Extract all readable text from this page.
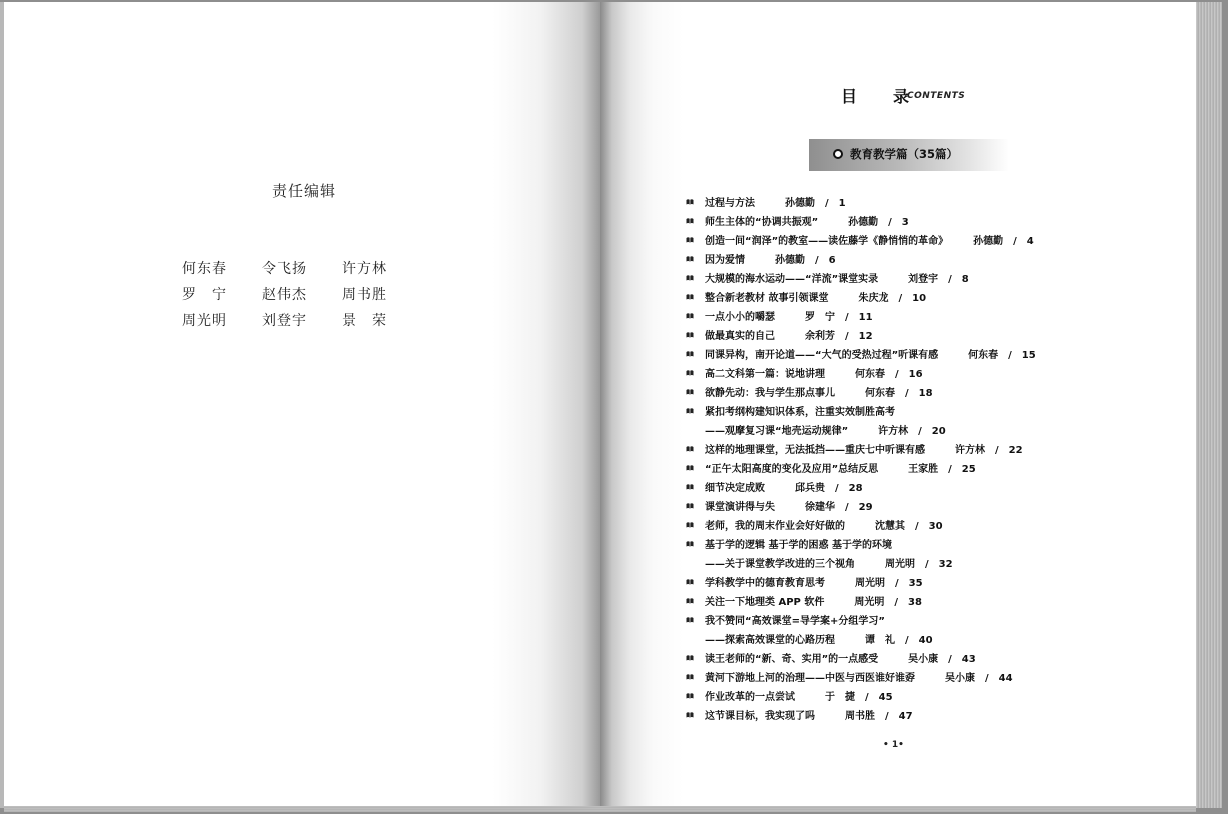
责任编辑
何东春	令飞扬	许方林
罗　宁	赵伟杰	周书胜
周光明	刘登宇	景　荣
目　录
CONTENTS
教育教学篇（35篇）
过程与方法　　　孙德勤　/　1
师生主体的“协调共振观”　　　孙德勤　/　3
创造一间“润泽”的教室——读佐藤学《静悄悄的革命》　　　孙德勤　/　4
因为爱情　　　孙德勤　/　6
大规模的海水运动——“洋流”课堂实录　　　刘登宇　/　8
整合新老教材 故事引领课堂　　　朱庆龙　/　10
一点小小的嚼瑟　　　罗　宁　/　11
做最真实的自己　　　余利芳　/　12
同课异构，南开论道——“大气的受热过程”听课有感　　　何东春　/　15
高二文科第一篇：说地讲理　　　何东春　/　16
欲静先动：我与学生那点事儿　　　何东春　/　18
紧扣考纲构建知识体系，注重实效制胜高考
——观摩复习课“地壳运动规律”　　　许方林　/　20
这样的地理课堂，无法抵挡——重庆七中听课有感　　　许方林　/　22
“正午太阳高度的变化及应用”总结反思　　　王家胜　/　25
细节决定成败　　　邱兵贵　/　28
课堂演讲得与失　　　徐建华　/　29
老师，我的周末作业会好好做的　　　沈慧其　/　30
基于学的逻辑 基于学的困惑 基于学的环境
——关于课堂教学改进的三个视角　　　周光明　/　32
学科教学中的德育教育思考　　　周光明　/　35
关注一下地理类 APP 软件　　　周光明　/　38
我不赞同“高效课堂=导学案+分组学习”
——探索高效课堂的心路历程　　　谭　礼　/　40
读王老师的“新、奇、实用”的一点感受　　　吴小康　/　43
黄河下游地上河的治理——中医与西医谁好谁孬　　　吴小康　/　44
作业改革的一点尝试　　　于　捷　/　45
这节课目标，我实现了吗　　　周书胜　/　47
• 1•
